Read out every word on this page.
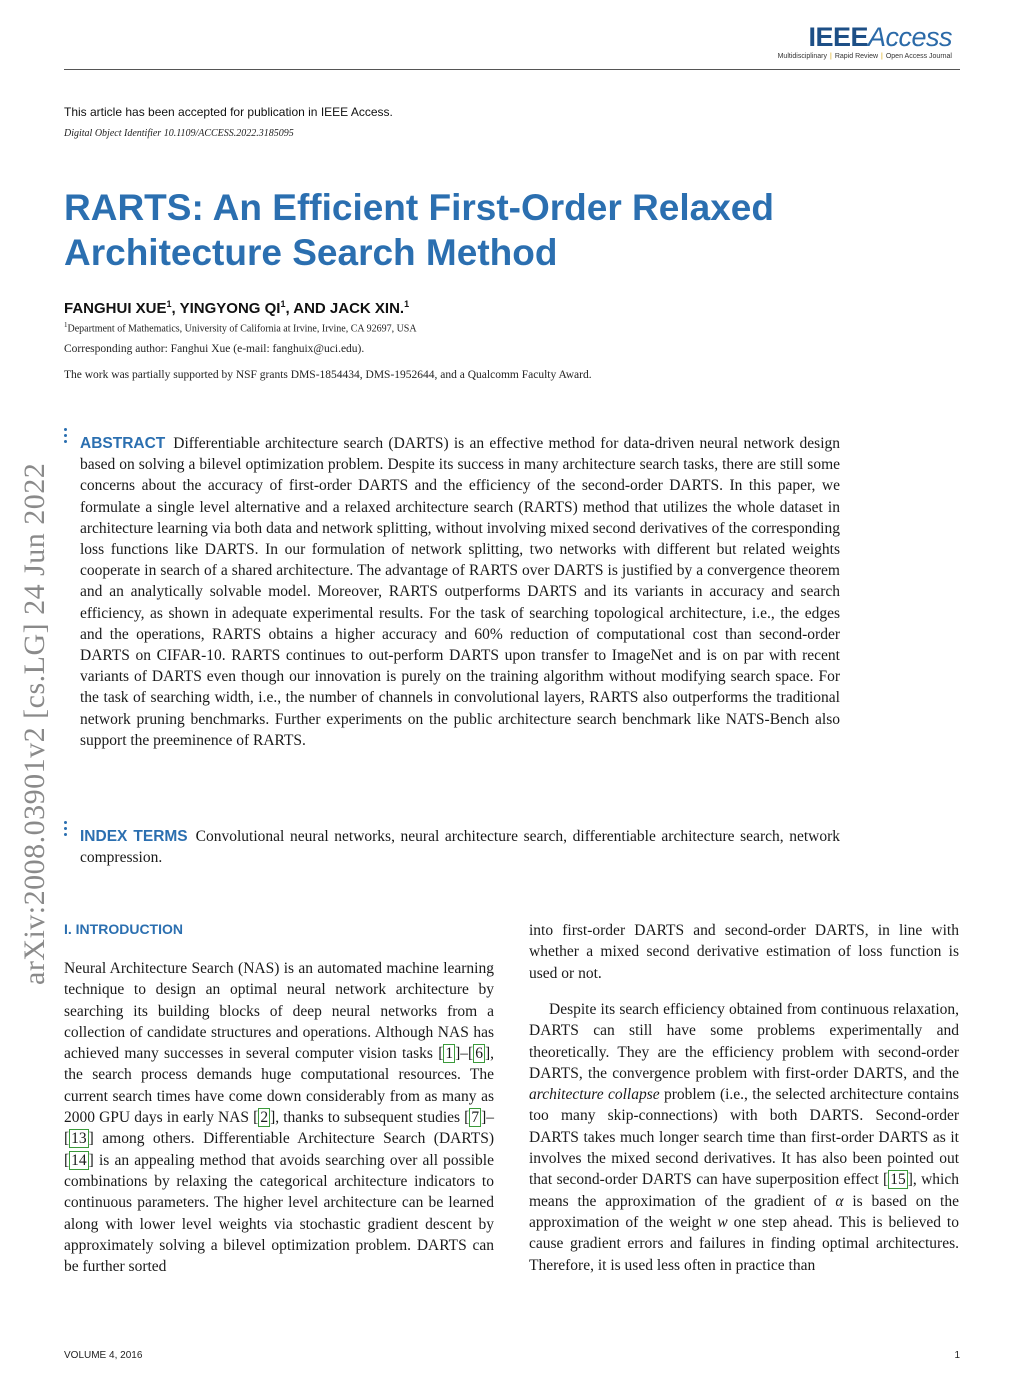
IEEEAccess
Multidisciplinary | Rapid Review | Open Access Journal
This article has been accepted for publication in IEEE Access.
Digital Object Identifier 10.1109/ACCESS.2022.3185095
RARTS: An Efficient First-Order Relaxed Architecture Search Method
FANGHUI XUE$^1$, YINGYONG $QI^1$, AND JACK XIN.$^1$
$^1$Department of Mathematics, University of California at Irvine, Irvine, CA 92697, USA
Corresponding author: Fanghui Xue (e-mail: fanghuix@uci.edu).
The work was partially supported by NSF grants DMS-1854434, DMS-1952644, and a Qualcomm Faculty Award.
arXiv:2008.03901v2 [cs.LG] 24 Jun 2022
ABSTRACT Differentiable architecture search (DARTS) is an effective method for data-driven neural network design based on solving a bilevel optimization problem. Despite its success in many architecture search tasks, there are still some concerns about the accuracy of first-order DARTS and the efficiency of the second-order DARTS. In this paper, we formulate a single level alternative and a relaxed architecture search (RARTS) method that utilizes the whole dataset in architecture learning via both data and network splitting, without involving mixed second derivatives of the corresponding loss functions like DARTS. In our formulation of network splitting, two networks with different but related weights cooperate in search of a shared architecture. The advantage of RARTS over DARTS is justified by a convergence theorem and an analytically solvable model. Moreover, RARTS outperforms DARTS and its variants in accuracy and search efficiency, as shown in adequate experimental results. For the task of searching topological architecture, i.e., the edges and the operations, RARTS obtains a higher accuracy and 60% reduction of computational cost than second-order DARTS on CIFAR-10. RARTS continues to out-perform DARTS upon transfer to ImageNet and is on par with recent variants of DARTS even though our innovation is purely on the training algorithm without modifying search space. For the task of searching width, i.e., the number of channels in convolutional layers, RARTS also outperforms the traditional network pruning benchmarks. Further experiments on the public architecture search benchmark like NATS-Bench also support the preeminence of RARTS.
INDEX TERMS Convolutional neural networks, neural architecture search, differentiable architecture search, network compression.
I. INTRODUCTION
Neural Architecture Search (NAS) is an automated machine learning technique to design an optimal neural network architecture by searching its building blocks of deep neural networks from a collection of candidate structures and operations. Although NAS has achieved many successes in several computer vision tasks [ 1 ]–[ 6 ], the search process demands huge computational resources. The current search times have come down considerably from as many as 2000 GPU days in early NAS [ 2 ], thanks to subsequent studies [ 7 ]–[ 13 ] among others. Differentiable Architecture Search (DARTS) [ 14 ] is an appealing method that avoids searching over all possible combinations by relaxing the categorical architecture indicators to continuous parameters. The higher level architecture can be learned along with lower level weights via stochastic gradient descent by approximately solving a bilevel optimization problem. DARTS can be further sorted
into first-order DARTS and second-order DARTS, in line with whether a mixed second derivative estimation of loss function is used or not.
Despite its search efficiency obtained from continuous relaxation, DARTS can still have some problems experimentally and theoretically. They are the efficiency problem with second-order DARTS, the convergence problem with first-order DARTS, and the architecture collapse problem (i.e., the selected architecture contains too many skip-connections) with both DARTS. Second-order DARTS takes much longer search time than first-order DARTS as it involves the mixed second derivatives. It has also been pointed out that second-order DARTS can have superposition effect [ 15 ], which means the approximation of the gradient of α is based on the approximation of the weight w one step ahead. This is believed to cause gradient errors and failures in finding optimal architectures. Therefore, it is used less often in practice than
VOLUME 4, 2016	1
